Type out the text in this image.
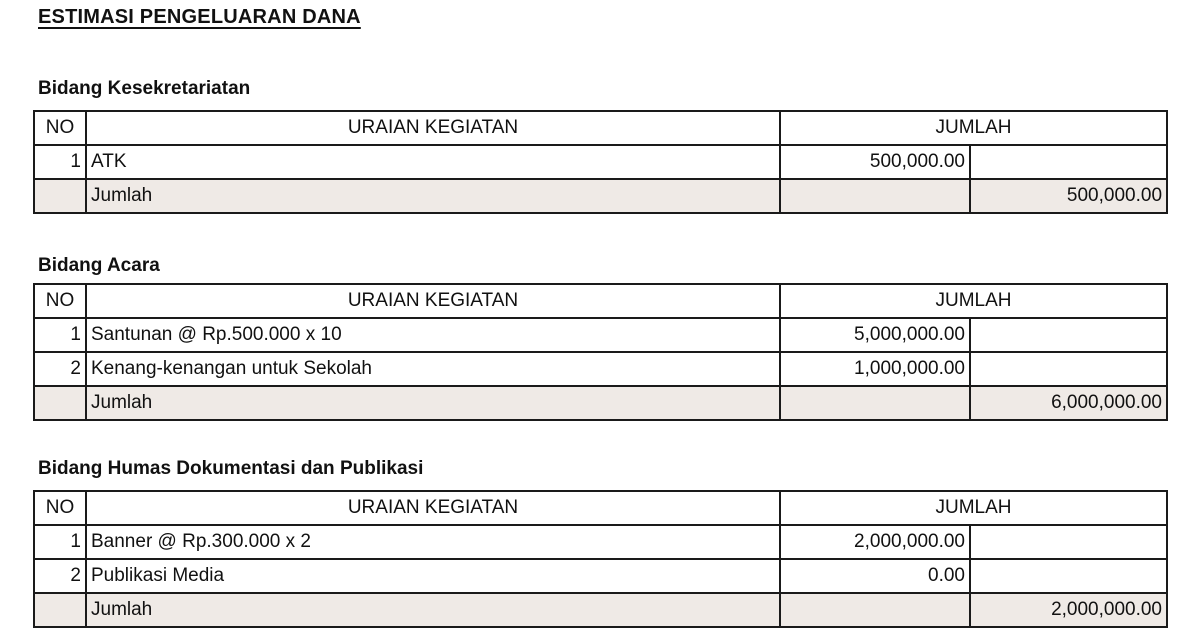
ESTIMASI PENGELUARAN DANA
Bidang Kesekretariatan
NO	URAIAN KEGIATAN	JUMLAH	
1	ATK	500,000.00	
	Jumlah		500,000.00
Bidang Acara
NO	URAIAN KEGIATAN	JUMLAH	
1	Santunan @ Rp.500.000 x 10	5,000,000.00	
2	Kenang-kenangan untuk Sekolah	1,000,000.00	
	Jumlah		6,000,000.00
Bidang Humas Dokumentasi dan Publikasi
NO	URAIAN KEGIATAN	JUMLAH	
1	Banner @ Rp.300.000 x 2	2,000,000.00	
2	Publikasi Media	0.00	
	Jumlah		2,000,000.00
